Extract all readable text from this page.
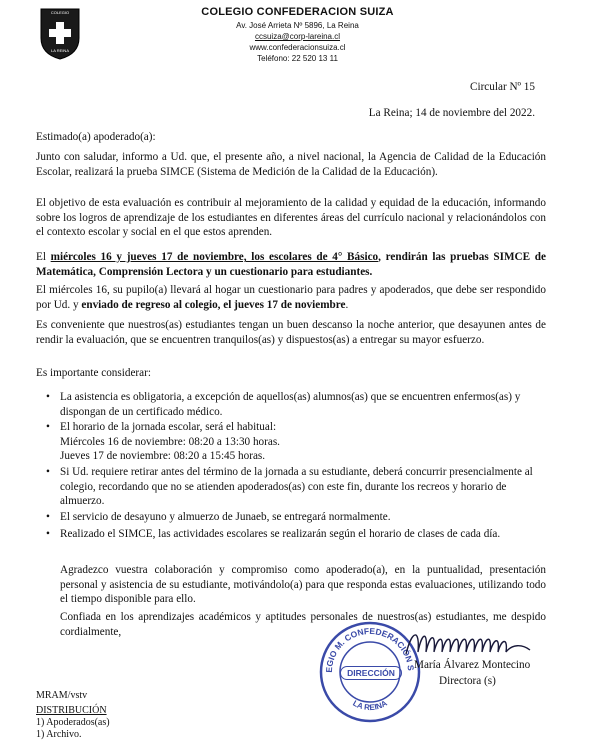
COLEGIO
LA REINA
COLEGIO CONFEDERACION SUIZA
Av. José Arrieta Nº 5896, La Reina
ccsuiza@corp-lareina.cl
www.confederacionsuiza.cl
Teléfono: 22 520 13 11
Circular Nº 15
La Reina; 14 de noviembre del 2022.
Estimado(a) apoderado(a):
Junto con saludar, informo a Ud. que, el presente año, a nivel nacional, la Agencia de Calidad de la Educación Escolar, realizará la prueba SIMCE (Sistema de Medición de la Calidad de la Educación).
El objetivo de esta evaluación es contribuir al mejoramiento de la calidad y equidad de la educación, informando sobre los logros de aprendizaje de los estudiantes en diferentes áreas del currículo nacional y relacionándolos con el contexto escolar y social en el que estos aprenden.
El miércoles 16 y jueves 17 de noviembre, los escolares de 4° Básico, rendirán las pruebas SIMCE de Matemática, Comprensión Lectora y un cuestionario para estudiantes.
El miércoles 16, su pupilo(a) llevará al hogar un cuestionario para padres y apoderados, que debe ser respondido por Ud. y enviado de regreso al colegio, el jueves 17 de noviembre.
Es conveniente que nuestros(as) estudiantes tengan un buen descanso la noche anterior, que desayunen antes de rendir la evaluación, que se encuentren tranquilos(as) y dispuestos(as) a entregar su mayor esfuerzo.
Es importante considerar:
• La asistencia es obligatoria, a excepción de aquellos(as) alumnos(as) que se encuentren enfermos(as) y dispongan de un certificado médico.
• El horario de la jornada escolar, será el habitual:
Miércoles 16 de noviembre: 08:20 a 13:30 horas.
Jueves 17 de noviembre: 08:20 a 15:45 horas.
• Si Ud. requiere retirar antes del término de la jornada a su estudiante, deberá concurrir presencialmente al colegio, recordando que no se atienden apoderados(as) con este fin, durante los recreos y horario de almuerzo.
• El servicio de desayuno y almuerzo de Junaeb, se entregará normalmente.
• Realizado el SIMCE, las actividades escolares se realizarán según el horario de clases de cada día.
Agradezco vuestra colaboración y compromiso como apoderado(a), en la puntualidad, presentación personal y asistencia de su estudiante, motivándolo(a) para que responda estas evaluaciones, utilizando todo el tiempo disponible para ello.
Confiada en los aprendizajes académicos y aptitudes personales de nuestros(as) estudiantes, me despido cordialmente,
EGIO M. CONFEDERACIÓN S
LA REINA
DIRECCIÓN
María Álvarez Montecino
Directora (s)
MRAM/vstv
DISTRIBUCIÓN
1) Apoderados(as)
1) Archivo.
